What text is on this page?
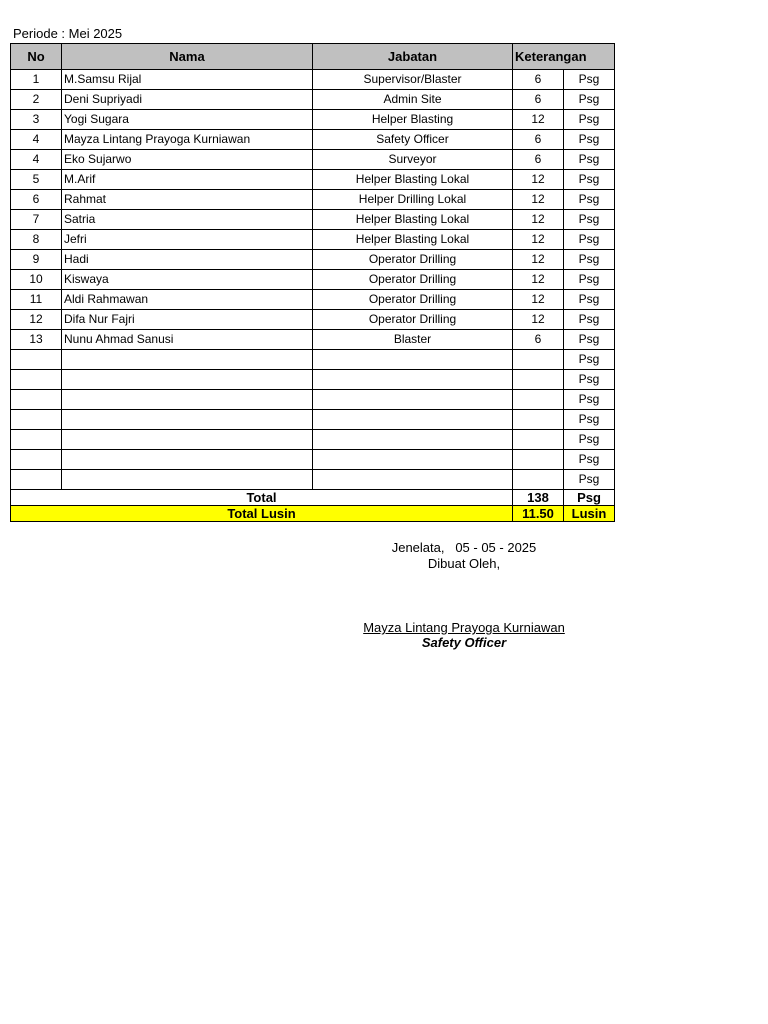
Periode : Mei 2025
No	Nama	Jabatan	Keterangan	
1	M.Samsu Rijal	Supervisor/Blaster	6	Psg
2	Deni Supriyadi	Admin Site	6	Psg
3	Yogi Sugara	Helper Blasting	12	Psg
4	Mayza Lintang Prayoga Kurniawan	Safety Officer	6	Psg
4	Eko Sujarwo	Surveyor	6	Psg
5	M.Arif	Helper Blasting Lokal	12	Psg
6	Rahmat	Helper Drilling Lokal	12	Psg
7	Satria	Helper Blasting Lokal	12	Psg
8	Jefri	Helper Blasting Lokal	12	Psg
9	Hadi	Operator Drilling	12	Psg
10	Kiswaya	Operator Drilling	12	Psg
11	Aldi Rahmawan	Operator Drilling	12	Psg
12	Difa Nur Fajri	Operator Drilling	12	Psg
13	Nunu Ahmad Sanusi	Blaster	6	Psg
				Psg
				Psg
				Psg
				Psg
				Psg
				Psg
				Psg
Total			138	Psg
Total Lusin			11.50	Lusin
Jenelata,   05 - 05 - 2025
Dibuat Oleh,
Mayza Lintang Prayoga Kurniawan
Safety Officer
